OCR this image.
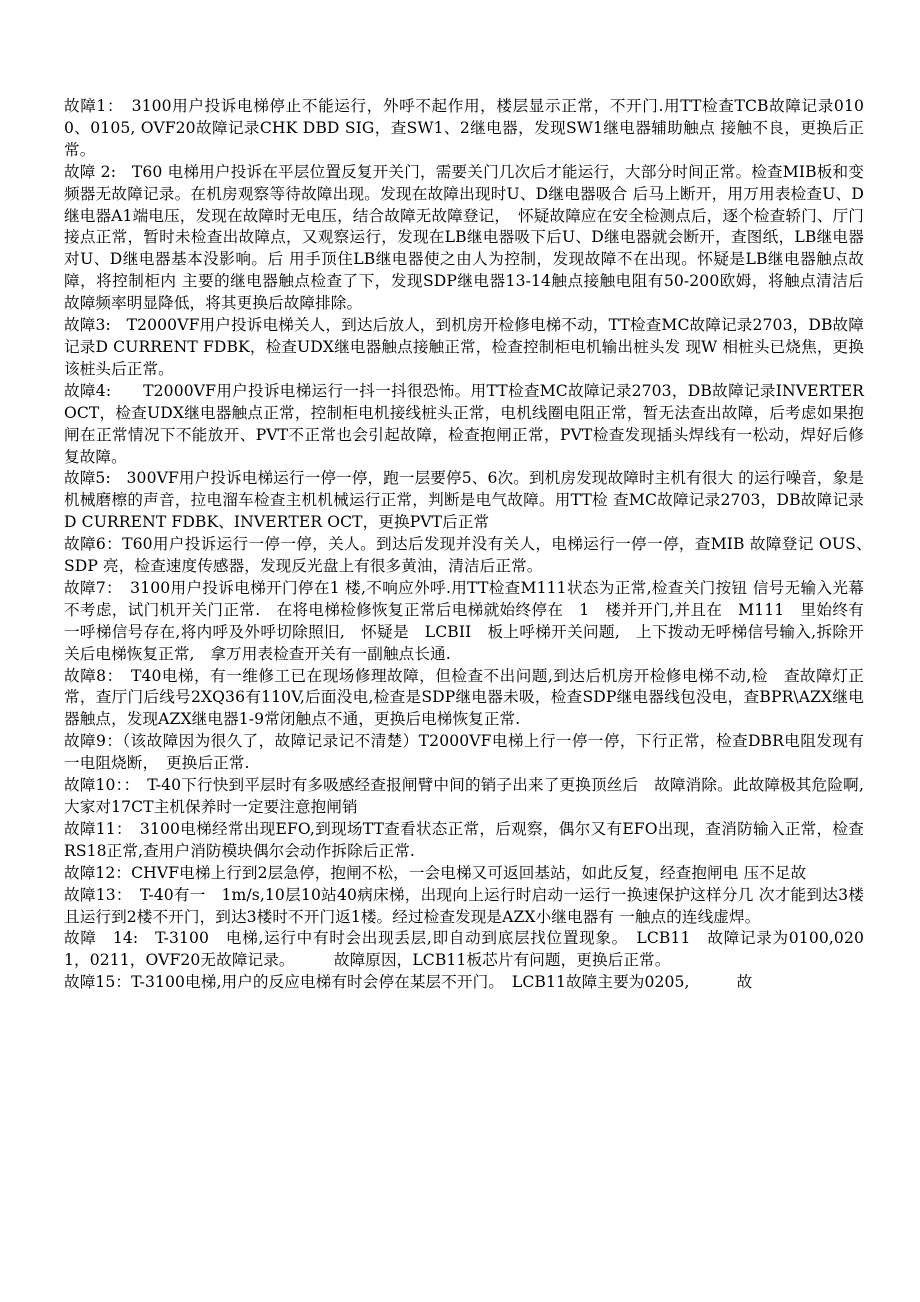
故障1：　3100用户投诉电梯停止不能运行，外呼不起作用，楼层显示正常，不开门.用TT检查TCB故障记录0100、0105, OVF20故障记录CHK DBD SIG，查SW1、2继电器，发现SW1继电器辅助触点 接触不良，更换后正常。

故障 2:　T60 电梯用户投诉在平层位置反复开关门，需要关门几次后才能运行，大部分时间正常。检查MIB板和变频器无故障记录。在机房观察等待故障出现。发现在故障出现时U、D继电器吸合 后马上断开，用万用表检查U、D继电器A1端电压，发现在故障时无电压，结合故障无故障登记，　怀疑故障应在安全检测点后，逐个检查轿门、厅门接点正常，暂时未检查出故障点，又观察运行，发现在LB继电器吸下后U、D继电器就会断开，查图纸，LB继电器对U、D继电器基本没影响。后 用手顶住LB继电器使之由人为控制，发现故障不在出现。怀疑是LB继电器触点故障，将控制柜内 主要的继电器触点检查了下，发现SDP继电器13-14触点接触电阻有50-200欧姆，将触点清洁后 故障频率明显降低，将其更换后故障排除。

故障3:　T2000VF用户投诉电梯关人，到达后放人，到机房开检修电梯不动，TT检查MC故障记录2703，DB故障记录D CURRENT FDBK，检查UDX继电器触点接触正常，检查控制柜电机输出桩头发 现W 相桩头已烧焦，更换该桩头后正常。

故障4:　　T2000VF用户投诉电梯运行一抖一抖很恐怖。用TT检查MC故障记录2703，DB故障记录INVERTER　OCT，检查UDX继电器触点正常，控制柜电机接线桩头正常，电机线圈电阻正常，暂无法查出故障，后考虑如果抱闸在正常情况下不能放开、PVT不正常也会引起故障，检查抱闸正常，PVT检查发现插头焊线有一松动，焊好后修复故障。

故障5:　300VF用户投诉电梯运行一停一停，跑一层要停5、6次。到机房发现故障时主机有很大 的运行噪音，象是机械磨檫的声音，拉电溜车检查主机机械运行正常，判断是电气故障。用TT检 查MC故障记录2703，DB故障记录D CURRENT FDBK、INVERTER OCT，更换PVT后正常

故障6：T60用户投诉运行一停一停，关人。到达后发现并没有关人，电梯运行一停一停，查MIB 故障登记 OUS、　SDP 亮，检查速度传感器，发现反光盘上有很多黄油，清洁后正常。

故障7：　3100用户投诉电梯开门停在1 楼,不响应外呼.用TT检查M111状态为正常,检查关门按钮 信号无输入光幕不考虑，试门机开关门正常.　在将电梯检修恢复正常后电梯就始终停在　1　楼并开门,并且在　M111　里始终有一呼梯信号存在,将内呼及外呼切除照旧,　怀疑是　LCBII　板上呼梯开关问题,　上下拨动无呼梯信号输入,拆除开关后电梯恢复正常,　拿万用表检查开关有一副触点长通.

故障8：　T40电梯，有一维修工已在现场修理故障，但检查不出问题,到达后机房开检修电梯不动,检　查故障灯正常，查厅门后线号2XQ36有110V,后面没电,检查是SDP继电器未吸，检查SDP继电器线包没电，查BPR\AZX继电器触点，发现AZX继电器1-9常闭触点不通，更换后电梯恢复正常.

故障9：（该故障因为很久了，故障记录记不清楚）T2000VF电梯上行一停一停，下行正常，检查DBR电阻发现有一电阻烧断，　更换后正常.

故障10：：　T-40下行快到平层时有多吸感经查报闸臂中间的销子出来了更换顶丝后　故障消除。此故障极其危险啊,大家对17CT主机保养时一定要注意抱闸销

故障11：　3100电梯经常出现EFO,到现场TT查看状态正常，后观察，偶尔又有EFO出现，查消防输入正常，检查RS18正常,查用户消防模块偶尔会动作拆除后正常.

故障12：CHVF电梯上行到2层急停，抱闸不松，一会电梯又可返回基站，如此反复，经查抱闸电 压不足故

故障13：　T-40有一　1m/s,10层10站40病床梯，出现向上运行时启动一运行一换速保护这样分几 次才能到达3楼且运行到2楼不开门，到达3楼时不开门返1楼。经过检查发现是AZX小继电器有 一触点的连线虚焊。

故障　14:　T-3100　电梯,运行中有时会出现丢层,即自动到底层找位置现象。　LCB11　故障记录为0100,0201，0211，OVF20无故障记录。　　　故障原因，LCB11板芯片有问题，更换后正常。

故障15：T-3100电梯,用户的反应电梯有时会停在某层不开门。　LCB11故障主要为0205,　　　故
